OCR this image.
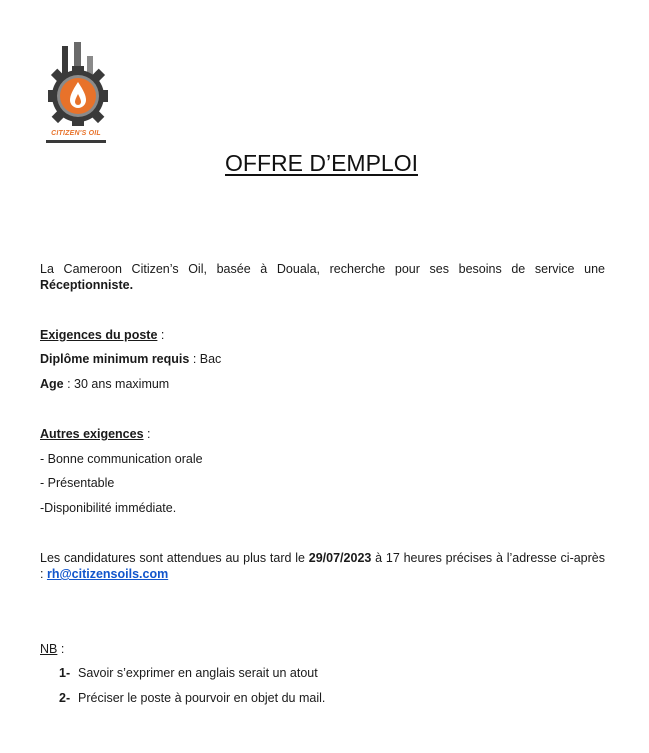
CITIZEN'S OIL
OFFRE D’EMPLOI
La Cameroon Citizen’s Oil, basée à Douala, recherche pour ses besoins de service une Réceptionniste.
Exigences du poste :
Diplôme minimum requis : Bac
Age : 30 ans maximum
Autres exigences :
- Bonne communication orale
- Présentable
-Disponibilité immédiate.
Les candidatures sont attendues au plus tard le 29/07/2023 à 17 heures précises à l’adresse ci-après : rh@citizensoils.com
NB :
1- Savoir s’exprimer en anglais serait un atout
2- Préciser le poste à pourvoir en objet du mail.
